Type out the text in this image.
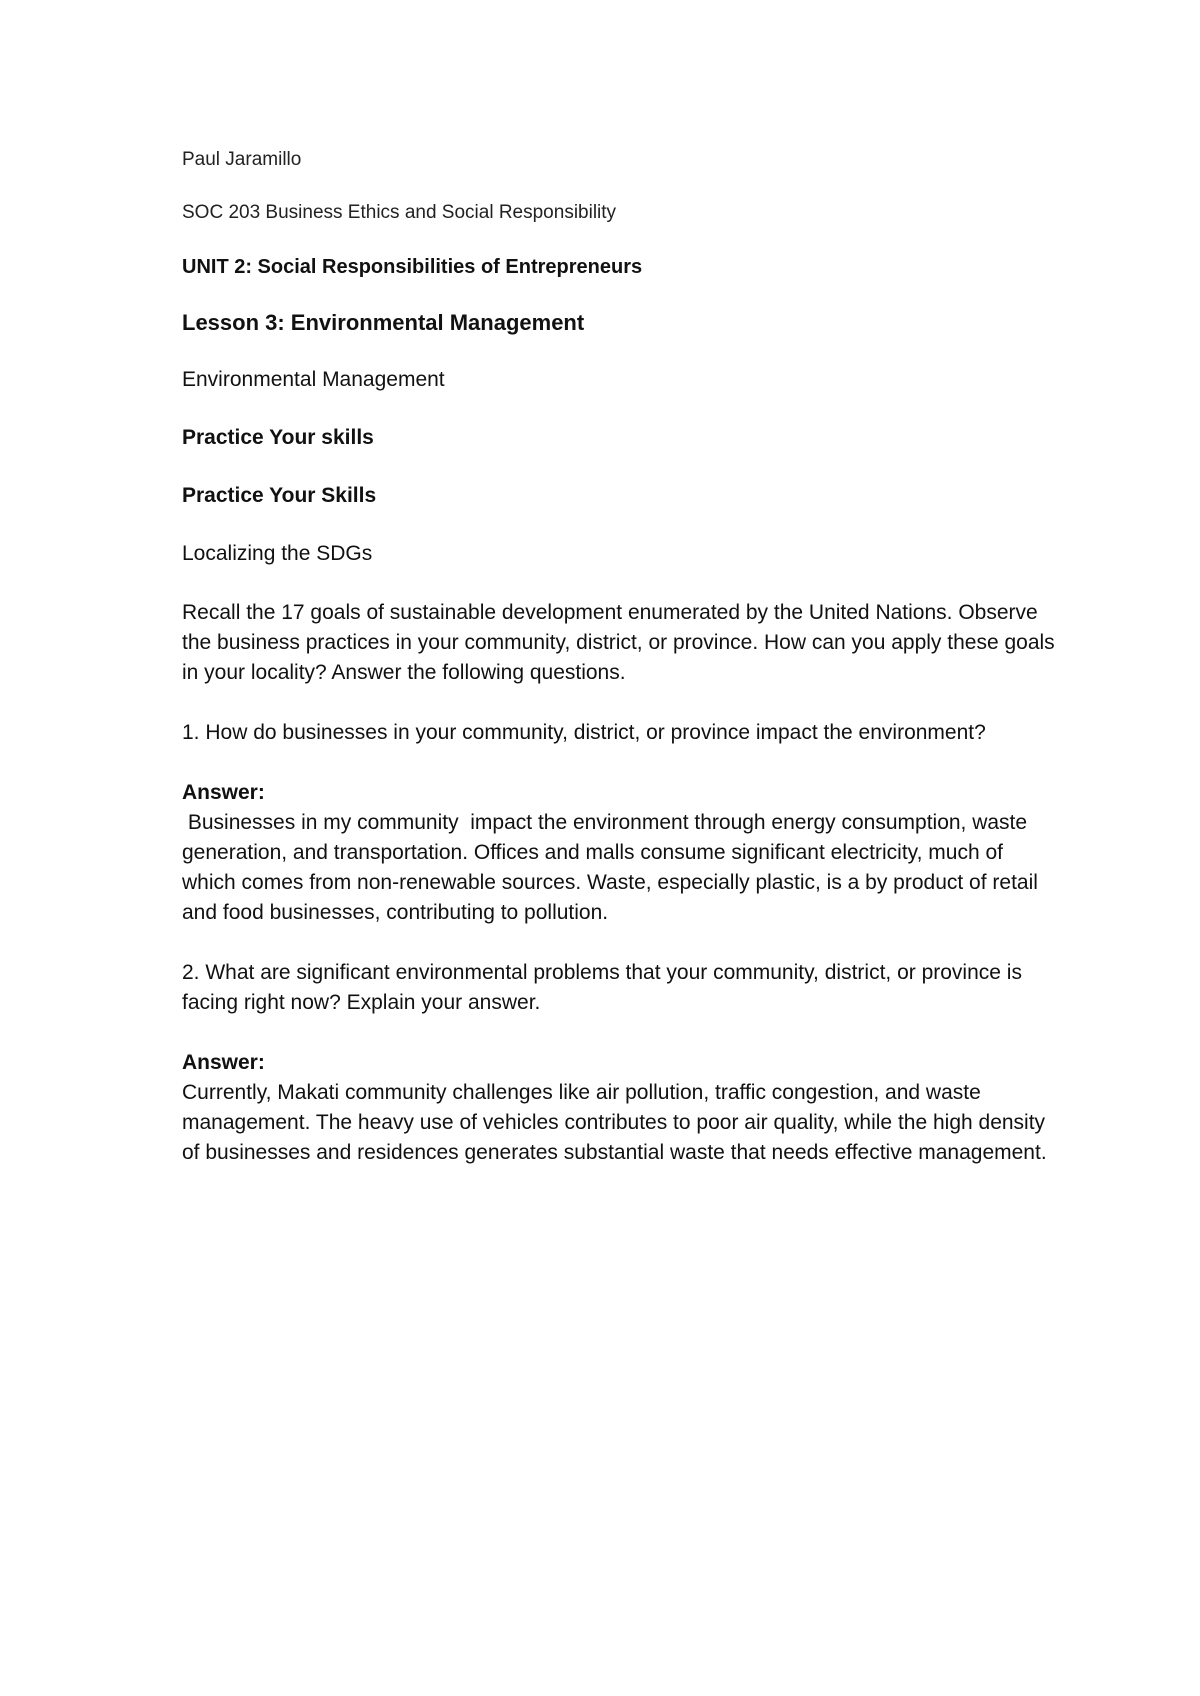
Paul Jaramillo

SOC 203 Business Ethics and Social Responsibility

UNIT 2: Social Responsibilities of Entrepreneurs

Lesson 3: Environmental Management

Environmental Management

Practice Your skills

Practice Your Skills

Localizing the SDGs

Recall the 17 goals of sustainable development enumerated by the United Nations. Observe the business practices in your community, district, or province. How can you apply these goals in your locality? Answer the following questions.

1. How do businesses in your community, district, or province impact the environment?

Answer:

Businesses in my community  impact the environment through energy consumption, waste generation, and transportation. Offices and malls consume significant electricity, much of which comes from non-renewable sources. Waste, especially plastic, is a by product of retail and food businesses, contributing to pollution.

2. What are significant environmental problems that your community, district, or province is facing right now? Explain your answer.

Answer:

Currently, Makati community challenges like air pollution, traffic congestion, and waste management. The heavy use of vehicles contributes to poor air quality, while the high density of businesses and residences generates substantial waste that needs effective management.
